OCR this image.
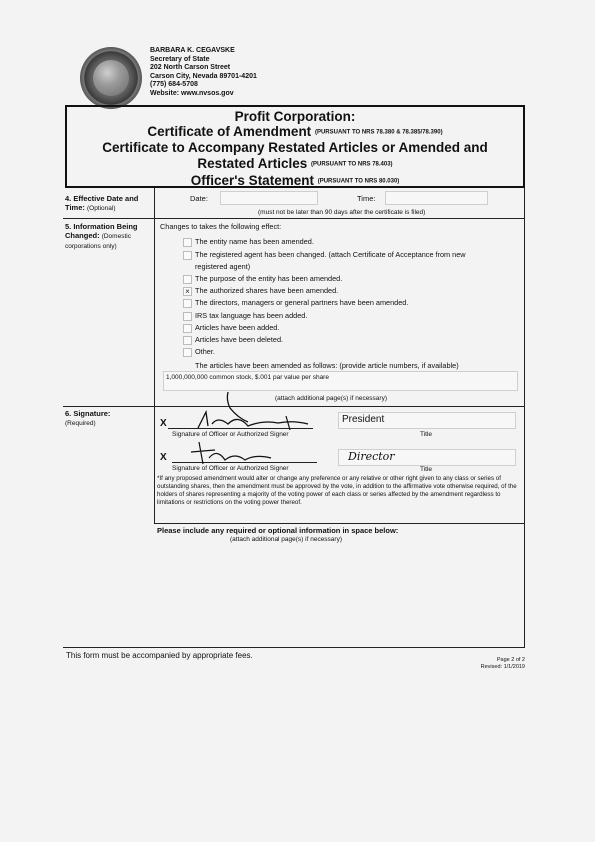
BARBARA K. CEGAVSKE
Secretary of State
202 North Carson Street
Carson City, Nevada 89701-4201
(775) 684-5708
Website: www.nvsos.gov
Profit Corporation:
Certificate of Amendment (PURSUANT TO NRS 78.380 & 78.385/78.390)
Certificate to Accompany Restated Articles or Amended and
Restated Articles (PURSUANT TO NRS 78.403)
Officer's Statement (PURSUANT TO NRS 80.030)
4. Effective Date and Time: (Optional)
Date:	Time:
(must not be later than 90 days after the certificate is filed)
5. Information Being Changed: (Domestic corporations only)
Changes to takes the following effect:
The entity name has been amended.
The registered agent has been changed. (attach Certificate of Acceptance from new
registered agent)
The purpose of the entity has been amended.
× The authorized shares have been amended.
The directors, managers or general partners have been amended.
IRS tax language has been added.
Articles have been added.
Articles have been deleted.
Other.
The articles have been amended as follows: (provide article numbers, if available)
1,000,000,000 common stock, $.001 par value per share
(attach additional page(s) if necessary)
6. Signature:
(Required)	X	President
Signature of Officer or Authorized Signer	Title
X	Director
Signature of Officer or Authorized Signer	Title
*If any proposed amendment would alter or change any preference or any relative or other right given to any class or series of outstanding shares, then the amendment must be approved by the vote, in addition to the affirmative vote otherwise required, of the holders of shares representing a majority of the voting power of each class or series affected by the amendment regardless to limitations or restrictions on the voting power thereof.
Please include any required or optional information in space below:
(attach additional page(s) if necessary)
This form must be accompanied by appropriate fees.	Page 2 of 2
Revised: 1/1/2019
